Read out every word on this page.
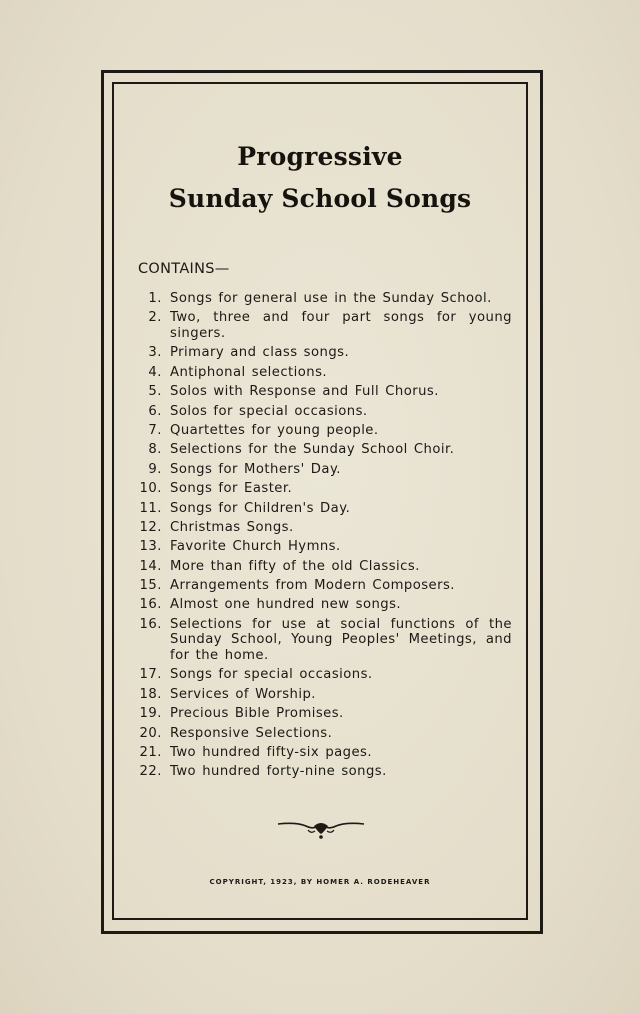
Progressive
Sunday School Songs
CONTAINS—
1. Songs for general use in the Sunday School.
2. Two, three and four part songs for young singers.
3. Primary and class songs.
4. Antiphonal selections.
5. Solos with Response and Full Chorus.
6. Solos for special occasions.
7. Quartettes for young people.
8. Selections for the Sunday School Choir.
9. Songs for Mothers' Day.
10. Songs for Easter.
11. Songs for Children's Day.
12. Christmas Songs.
13. Favorite Church Hymns.
14. More than fifty of the old Classics.
15. Arrangements from Modern Composers.
16. Almost one hundred new songs.
16. Selections for use at social functions of the Sunday School, Young Peoples' Meetings, and for the home.
17. Songs for special occasions.
18. Services of Worship.
19. Precious Bible Promises.
20. Responsive Selections.
21. Two hundred fifty-six pages.
22. Two hundred forty-nine songs.
COPYRIGHT, 1923, BY HOMER A. RODEHEAVER
